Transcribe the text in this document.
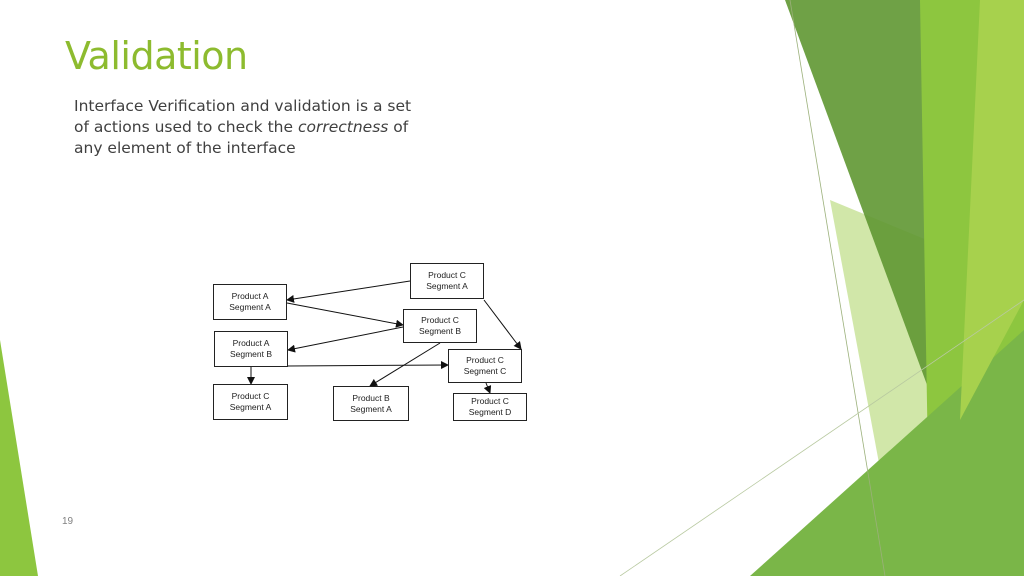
Validation
Interface Verification and validation is a set of actions used to check the correctness of any element of the interface
Product A
Segment A
Product A
Segment B
Product C
Segment A
Product C
Segment A
Product C
Segment B
Product C
Segment C
Product C
Segment D
Product B
Segment A
19
